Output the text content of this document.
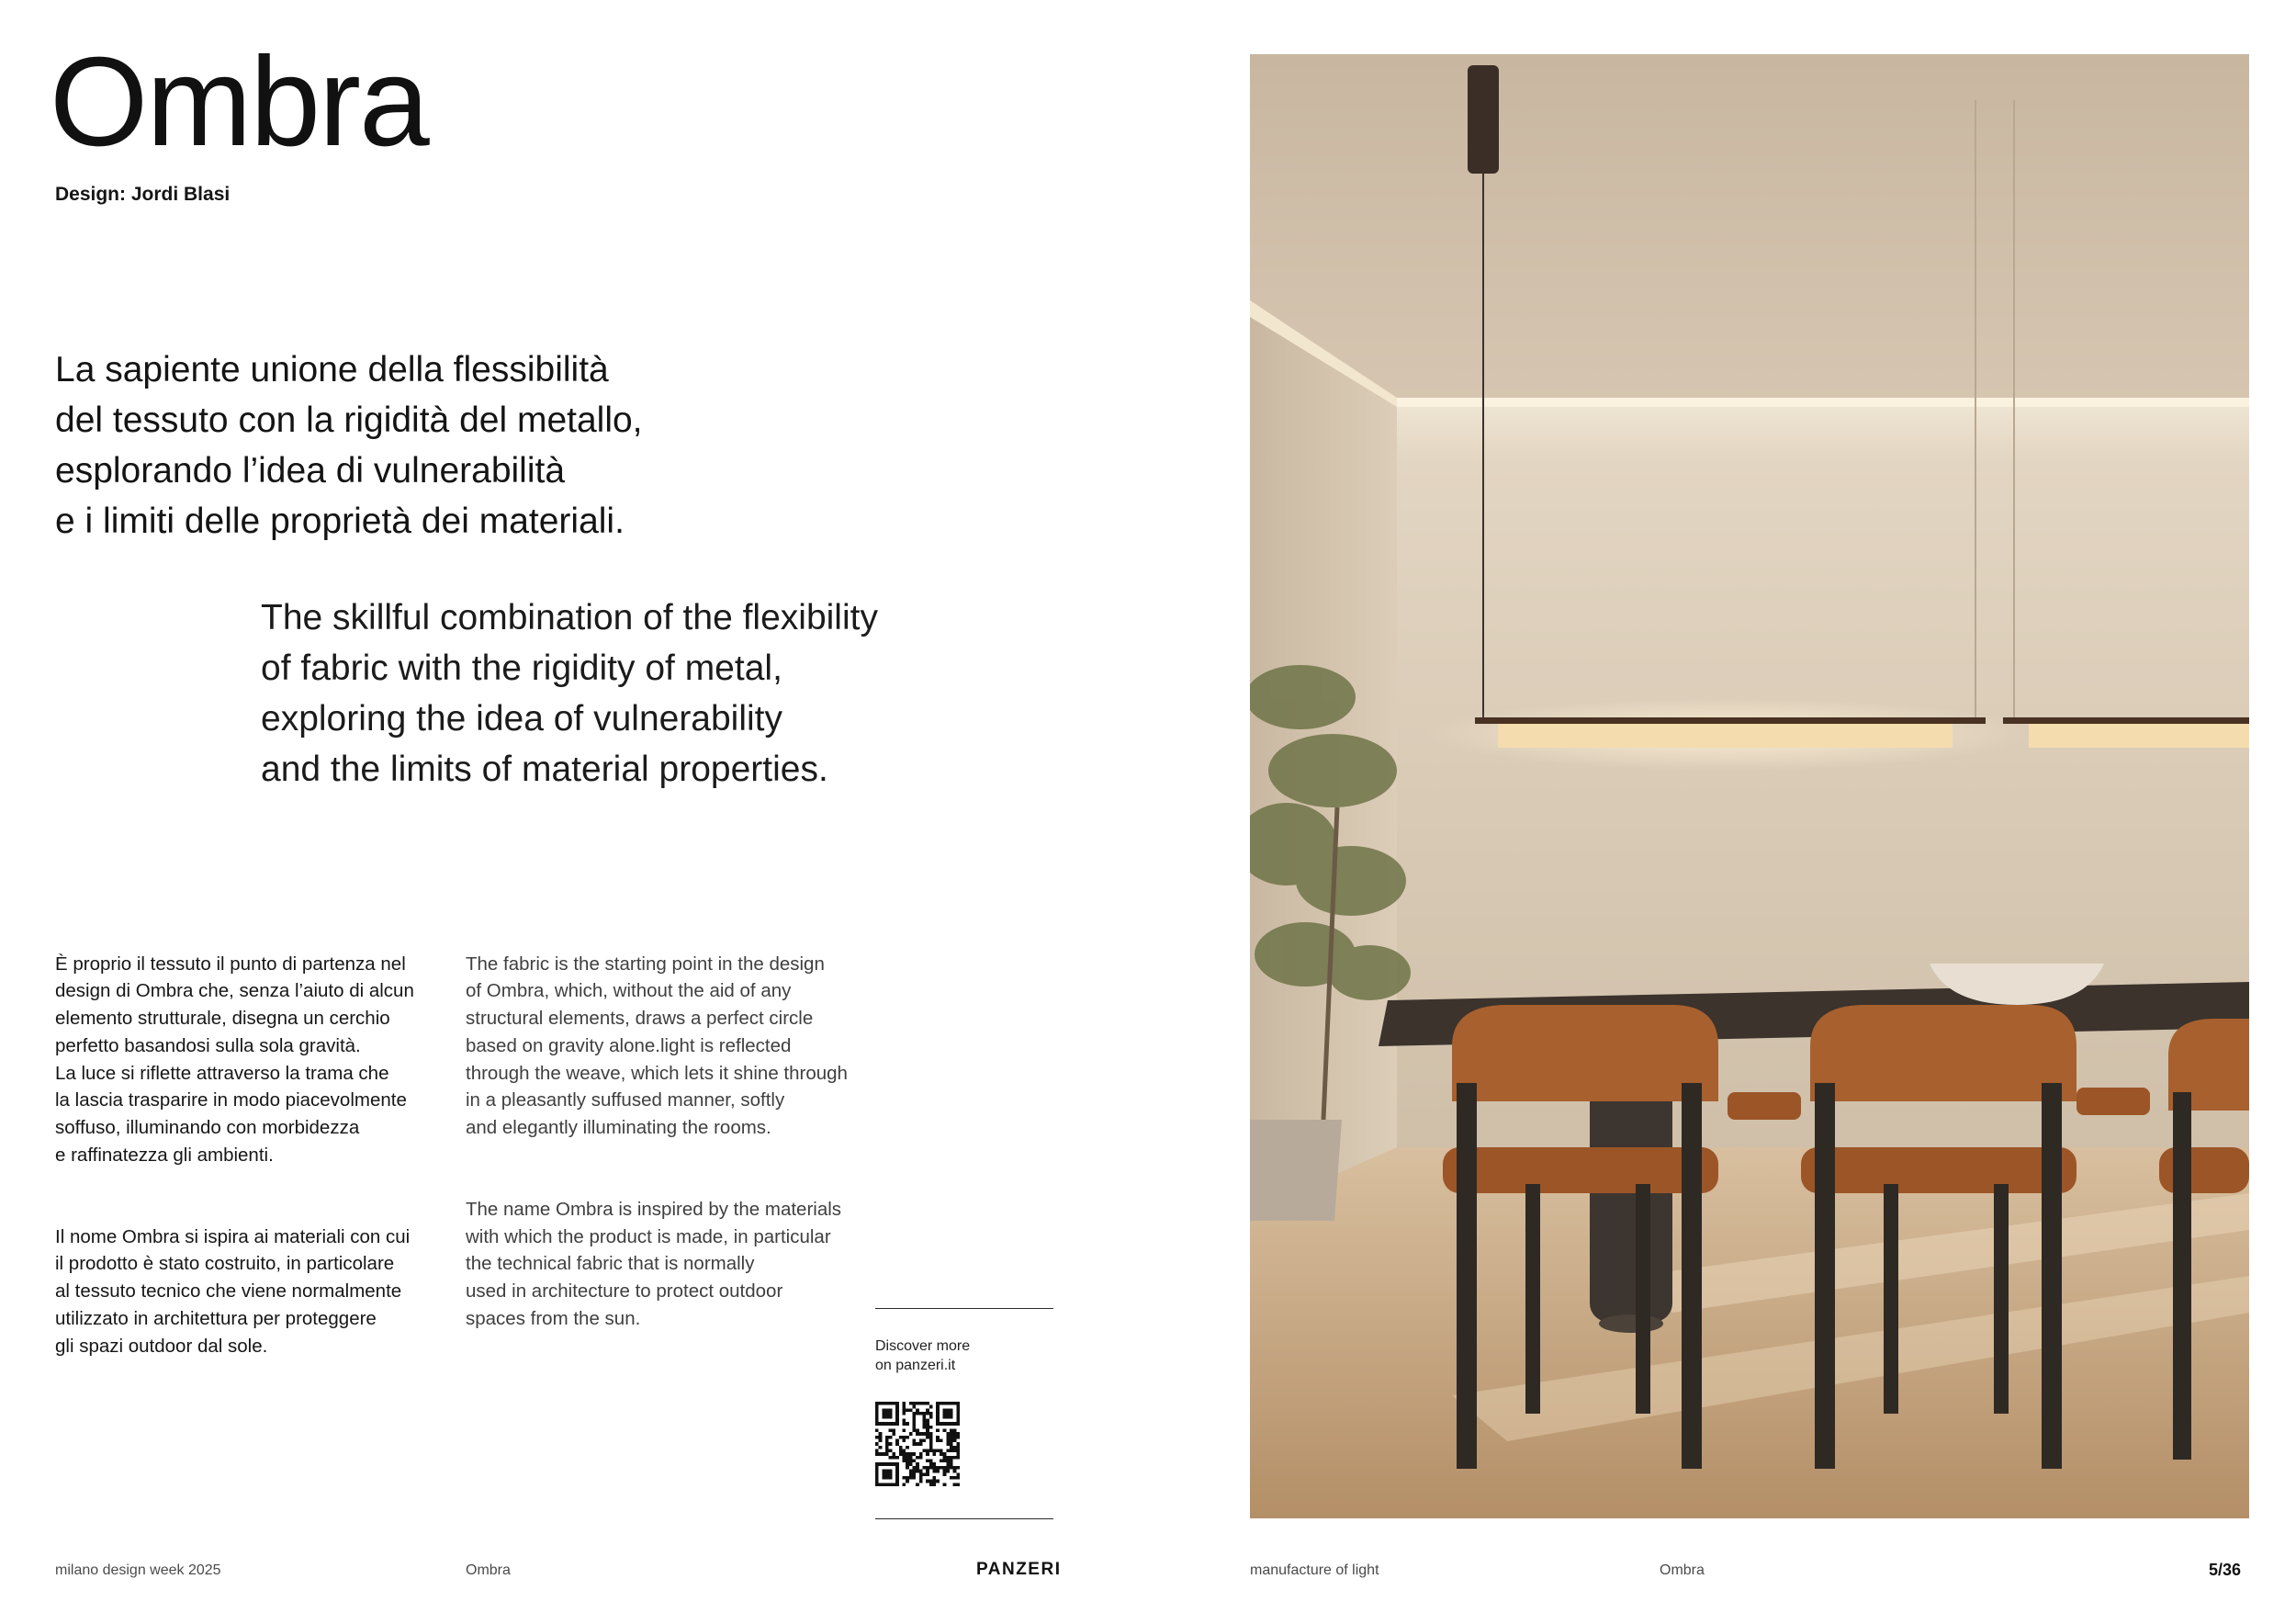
Ombra
Design: Jordi Blasi
La sapiente unione della flessibilità
del tessuto con la rigidità del metallo,
esplorando l’idea di vulnerabilità
e i limiti delle proprietà dei materiali.
The skillful combination of the flexibility
of fabric with the rigidity of metal,
exploring the idea of vulnerability
and the limits of material properties.

È proprio il tessuto il punto di partenza nel
design di Ombra che, senza l’aiuto di alcun
elemento strutturale, disegna un cerchio
perfetto basandosi sulla sola gravità.
La luce si riflette attraverso la trama che
la lascia trasparire in modo piacevolmente
soffuso, illuminando con morbidezza
e raffinatezza gli ambienti.

Il nome Ombra si ispira ai materiali con cui
il prodotto è stato costruito, in particolare
al tessuto tecnico che viene normalmente
utilizzato in architettura per proteggere
gli spazi outdoor dal sole.

The fabric is the starting point in the design
of Ombra, which, without the aid of any
structural elements, draws a perfect circle
based on gravity alone.light is reflected
through the weave, which lets it shine through
in a pleasantly suffused manner, softly
and elegantly illuminating the rooms.

The name Ombra is inspired by the materials
with which the product is made, in particular
the technical fabric that is normally
used in architecture to protect outdoor
spaces from the sun.

Discover more
on panzeri.it
milano design week 2025	Ombra	PANZERI	manufacture of light	Ombra	5/36
